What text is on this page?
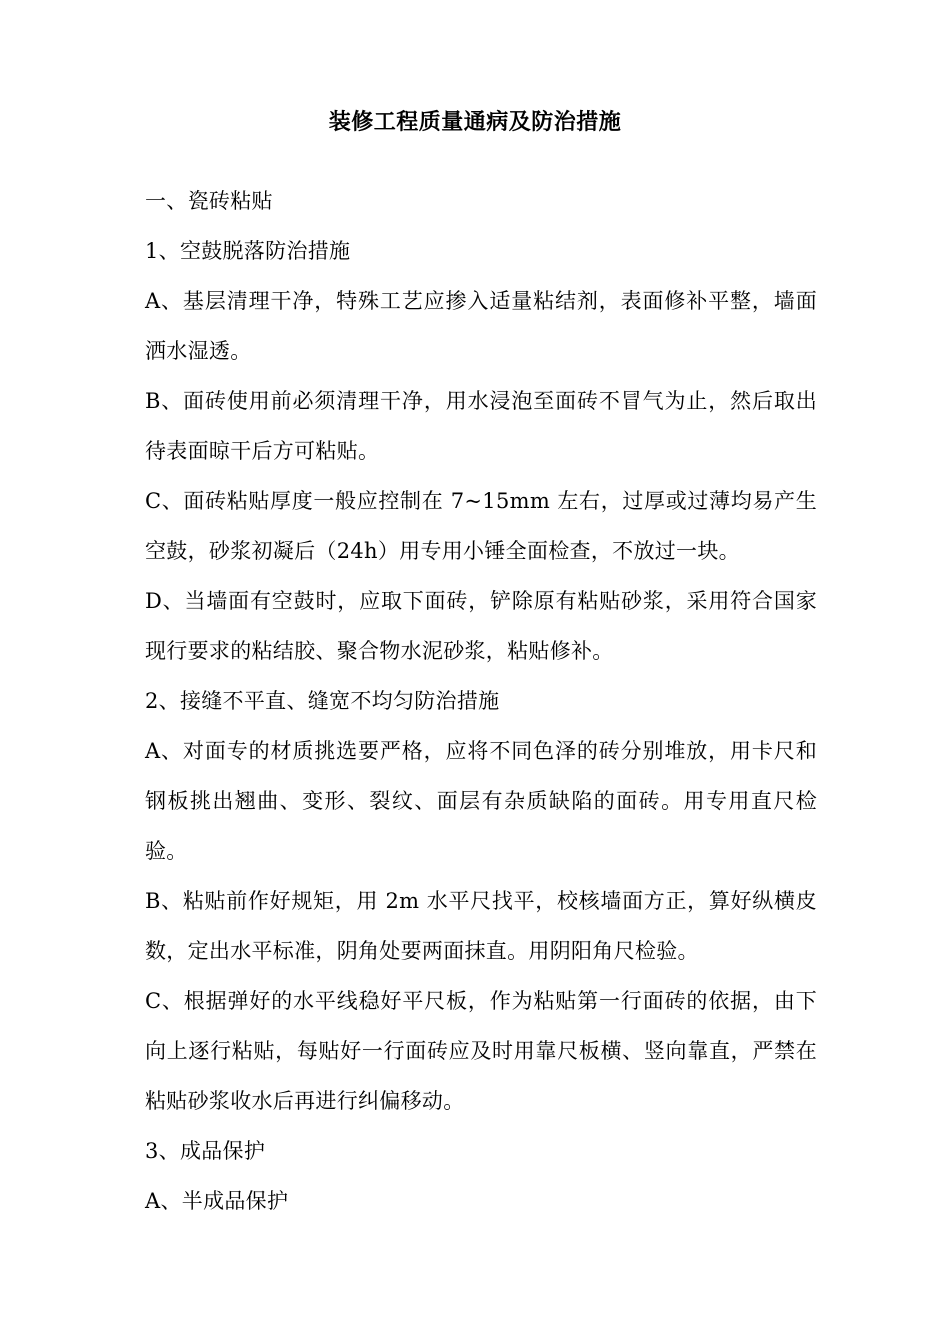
装修工程质量通病及防治措施

一、瓷砖粘贴

1、空鼓脱落防治措施

A、基层清理干净，特殊工艺应掺入适量粘结剂，表面修补平整，墙面洒水湿透。

B、面砖使用前必须清理干净，用水浸泡至面砖不冒气为止，然后取出待表面晾干后方可粘贴。

C、面砖粘贴厚度一般应控制在 7~15mm 左右，过厚或过薄均易产生空鼓，砂浆初凝后（24h）用专用小锤全面检查，不放过一块。

D、当墙面有空鼓时，应取下面砖，铲除原有粘贴砂浆，采用符合国家现行要求的粘结胶、聚合物水泥砂浆，粘贴修补。

2、接缝不平直、缝宽不均匀防治措施

A、对面专的材质挑选要严格，应将不同色泽的砖分别堆放，用卡尺和钢板挑出翘曲、变形、裂纹、面层有杂质缺陷的面砖。用专用直尺检验。

B、粘贴前作好规矩，用 2m 水平尺找平，校核墙面方正，算好纵横皮数，定出水平标准，阴角处要两面抹直。用阴阳角尺检验。

C、根据弹好的水平线稳好平尺板，作为粘贴第一行面砖的依据，由下向上逐行粘贴，每贴好一行面砖应及时用靠尺板横、竖向靠直，严禁在粘贴砂浆收水后再进行纠偏移动。

3、成品保护

A、半成品保护
